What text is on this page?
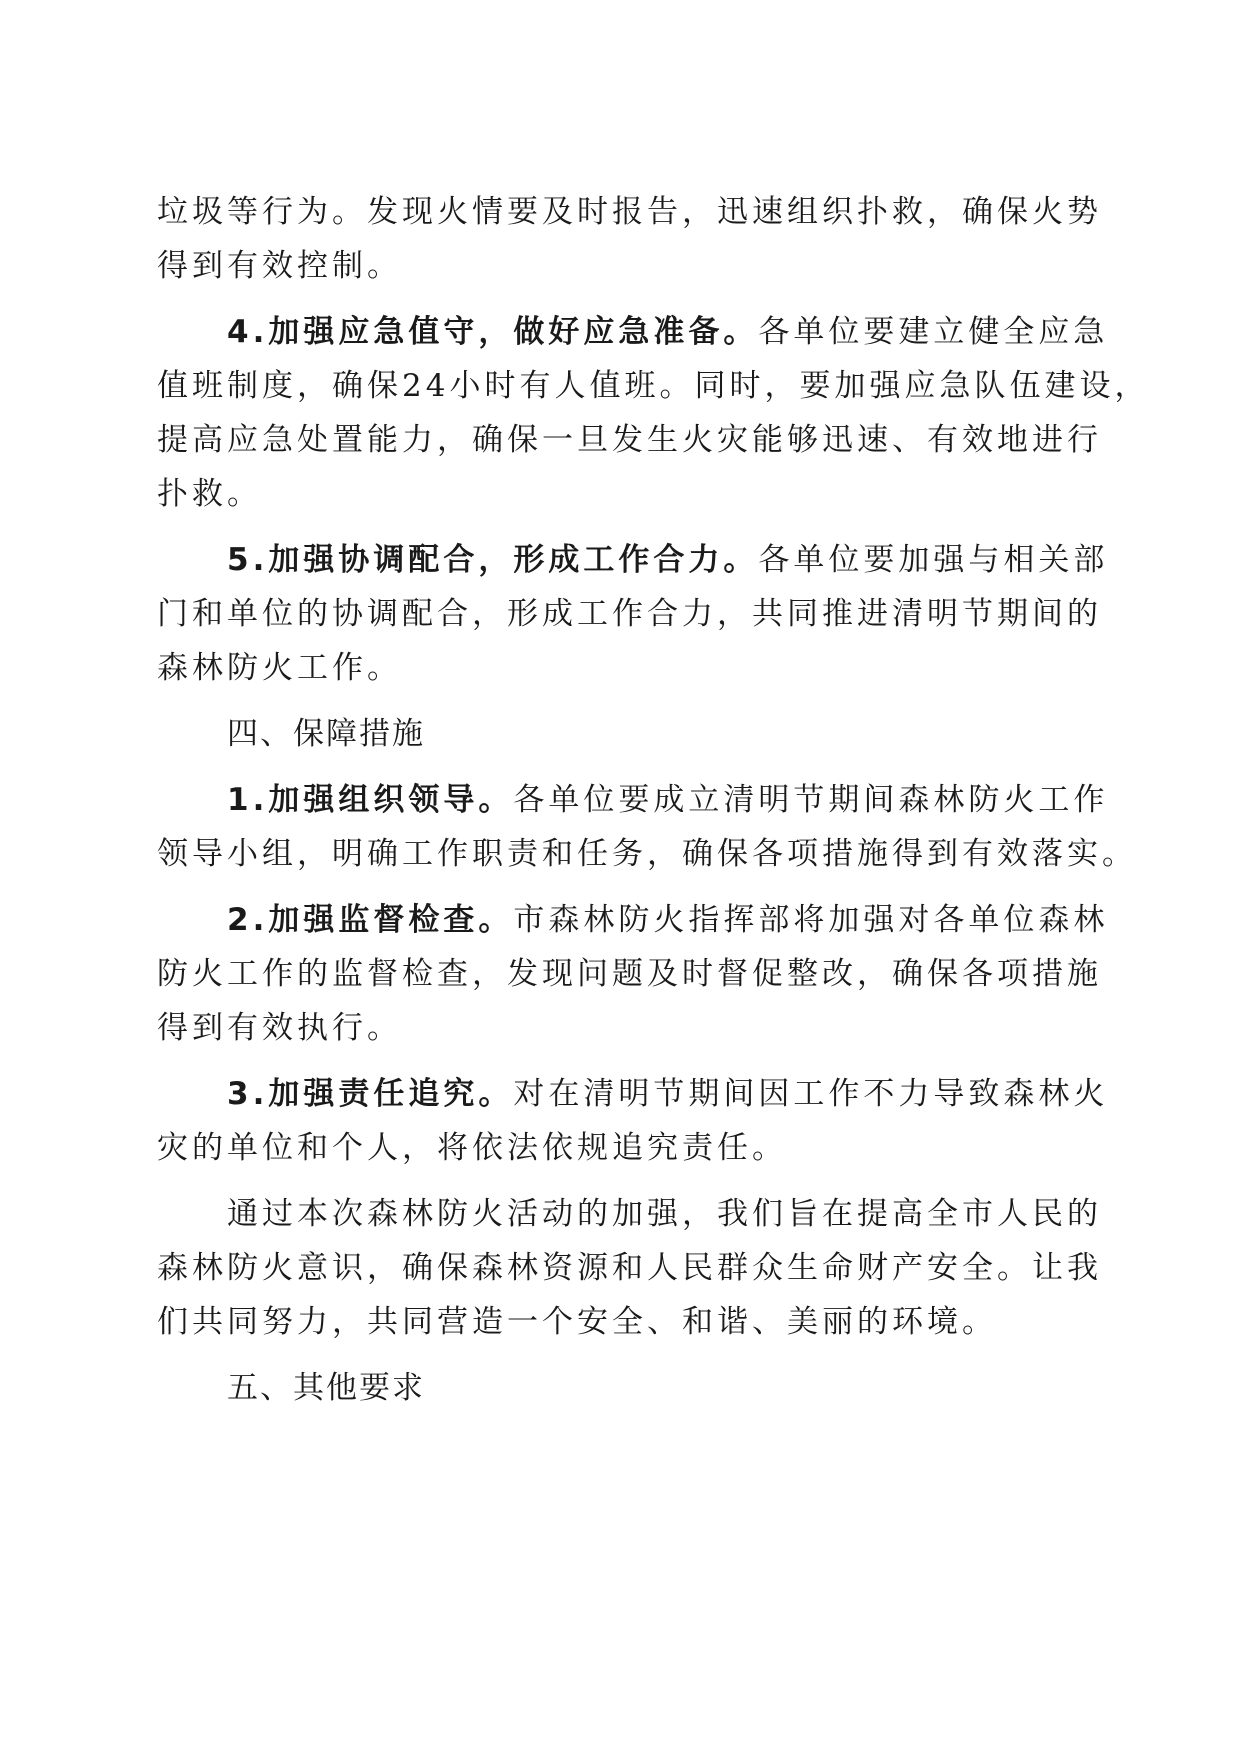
垃圾等行为。发现火情要及时报告，迅速组织扑救，确保火势
得到有效控制。

4.加强应急值守，做好应急准备。各单位要建立健全应急
值班制度，确保24小时有人值班。同时，要加强应急队伍建设，
提高应急处置能力，确保一旦发生火灾能够迅速、有效地进行
扑救。

5.加强协调配合，形成工作合力。各单位要加强与相关部
门和单位的协调配合，形成工作合力，共同推进清明节期间的
森林防火工作。

四、保障措施

1.加强组织领导。各单位要成立清明节期间森林防火工作
领导小组，明确工作职责和任务，确保各项措施得到有效落实。

2.加强监督检查。市森林防火指挥部将加强对各单位森林
防火工作的监督检查，发现问题及时督促整改，确保各项措施
得到有效执行。

3.加强责任追究。对在清明节期间因工作不力导致森林火
灾的单位和个人，将依法依规追究责任。

通过本次森林防火活动的加强，我们旨在提高全市人民的
森林防火意识，确保森林资源和人民群众生命财产安全。让我
们共同努力，共同营造一个安全、和谐、美丽的环境。

五、其他要求
